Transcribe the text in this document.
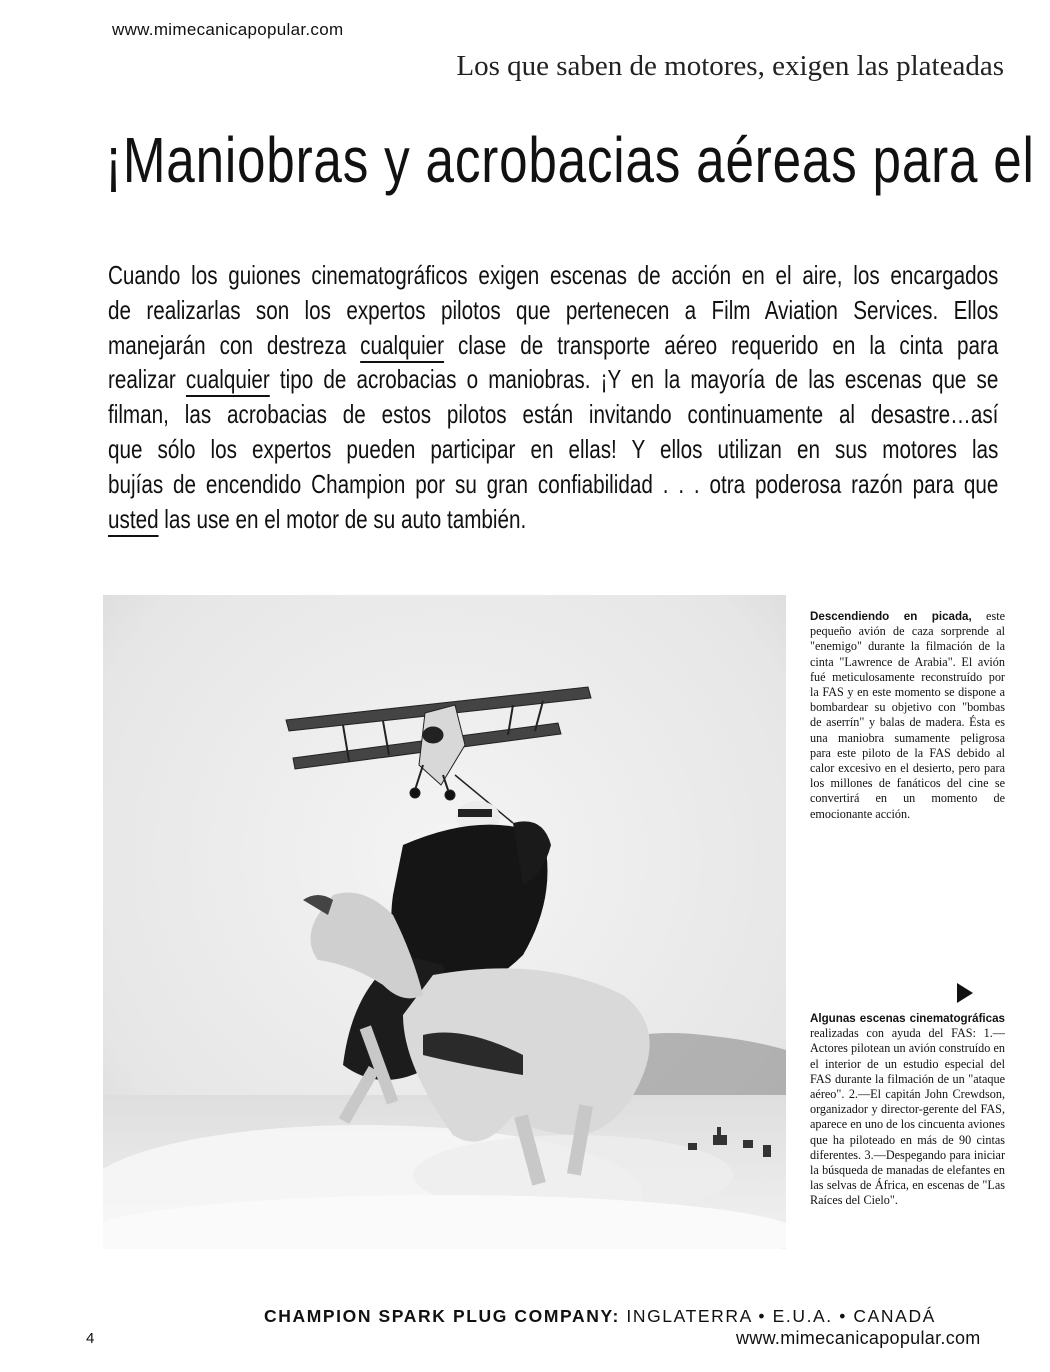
www.mimecanicapopular.com
Los que saben de motores, exigen las plateadas
¡Maniobras y acrobacias aéreas para el
Cuando los guiones cinematográficos exigen escenas de acción en el aire, los encargados
de realizarlas son los expertos pilotos que pertenecen a Film Aviation Services. Ellos
manejarán con destreza cualquier clase de transporte aéreo requerido en la cinta para
realizar cualquier tipo de acrobacias o maniobras. ¡Y en la mayoría de las escenas que se
filman, las acrobacias de estos pilotos están invitando continuamente al desastre…así
que sólo los expertos pueden participar en ellas! Y ellos utilizan en sus motores las
bujías de encendido Champion por su gran confiabilidad . . . otra poderosa razón para que
usted las use en el motor de su auto también.
Descendiendo en picada, este pequeño avión de caza sorprende al "enemigo" durante la filmación de la cinta "Lawrence de Arabia". El avión fué meticulosamente reconstruído por la FAS y en este momento se dispone a bombardear su objetivo con "bombas de aserrín" y balas de madera. Ésta es una maniobra sumamente peligrosa para este piloto de la FAS debido al calor excesivo en el desierto, pero para los millones de fanáticos del cine se convertirá en un momento de emocionante acción.
Algunas escenas cinematográficas realizadas con ayuda del FAS: 1.—Actores pilotean un avión construído en el interior de un estudio especial del FAS durante la filmación de un "ataque aéreo". 2.—El capitán John Crewdson, organizador y director-gerente del FAS, aparece en uno de los cincuenta aviones que ha piloteado en más de 90 cintas diferentes. 3.—Despegando para iniciar la búsqueda de manadas de elefantes en las selvas de África, en escenas de "Las Raíces del Cielo".
CHAMPION SPARK PLUG COMPANY: INGLATERRA • E.U.A. • CANADÁ
4	www.mimecanicapopular.com
